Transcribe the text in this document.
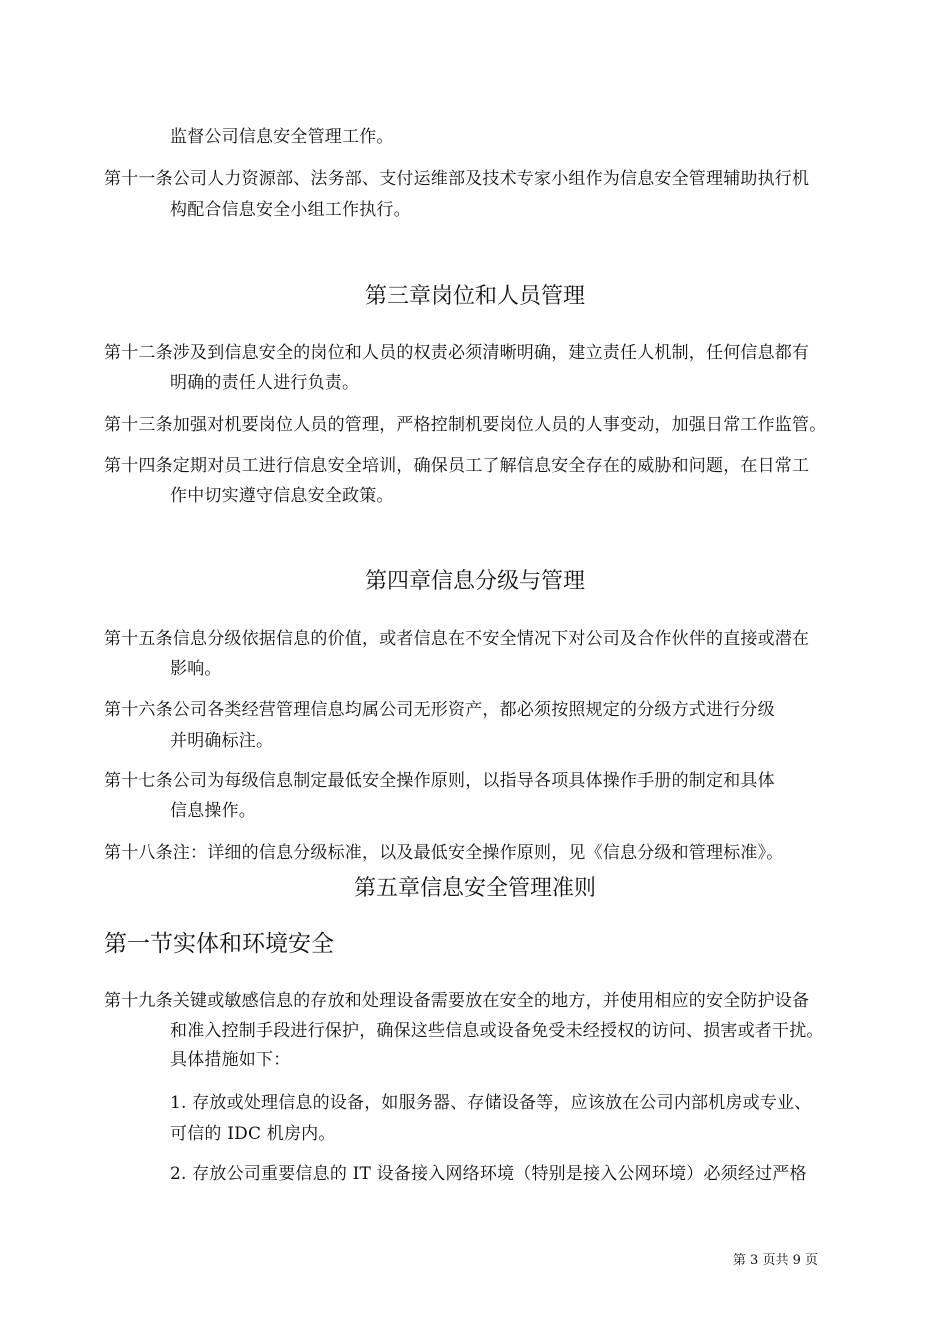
监督公司信息安全管理工作。
第十一条公司人力资源部、法务部、支付运维部及技术专家小组作为信息安全管理辅助执行机
构配合信息安全小组工作执行。
第三章岗位和人员管理
第十二条涉及到信息安全的岗位和人员的权责必须清晰明确，建立责任人机制，任何信息都有
明确的责任人进行负责。
第十三条加强对机要岗位人员的管理，严格控制机要岗位人员的人事变动，加强日常工作监管。
第十四条定期对员工进行信息安全培训，确保员工了解信息安全存在的威胁和问题，在日常工
作中切实遵守信息安全政策。
第四章信息分级与管理
第十五条信息分级依据信息的价值，或者信息在不安全情况下对公司及合作伙伴的直接或潜在
影响。
第十六条公司各类经营管理信息均属公司无形资产，都必须按照规定的分级方式进行分级
并明确标注。
第十七条公司为每级信息制定最低安全操作原则，以指导各项具体操作手册的制定和具体
信息操作。
第十八条注：详细的信息分级标准，以及最低安全操作原则，见《信息分级和管理标准》。
第五章信息安全管理准则
第一节实体和环境安全
第十九条关键或敏感信息的存放和处理设备需要放在安全的地方，并使用相应的安全防护设备
和准入控制手段进行保护，确保这些信息或设备免受未经授权的访问、损害或者干扰。
具体措施如下：
1. 存放或处理信息的设备，如服务器、存储设备等，应该放在公司内部机房或专业、
可信的 IDC 机房内。
2. 存放公司重要信息的 IT 设备接入网络环境（特别是接入公网环境）必须经过严格
第 3 页共 9 页
